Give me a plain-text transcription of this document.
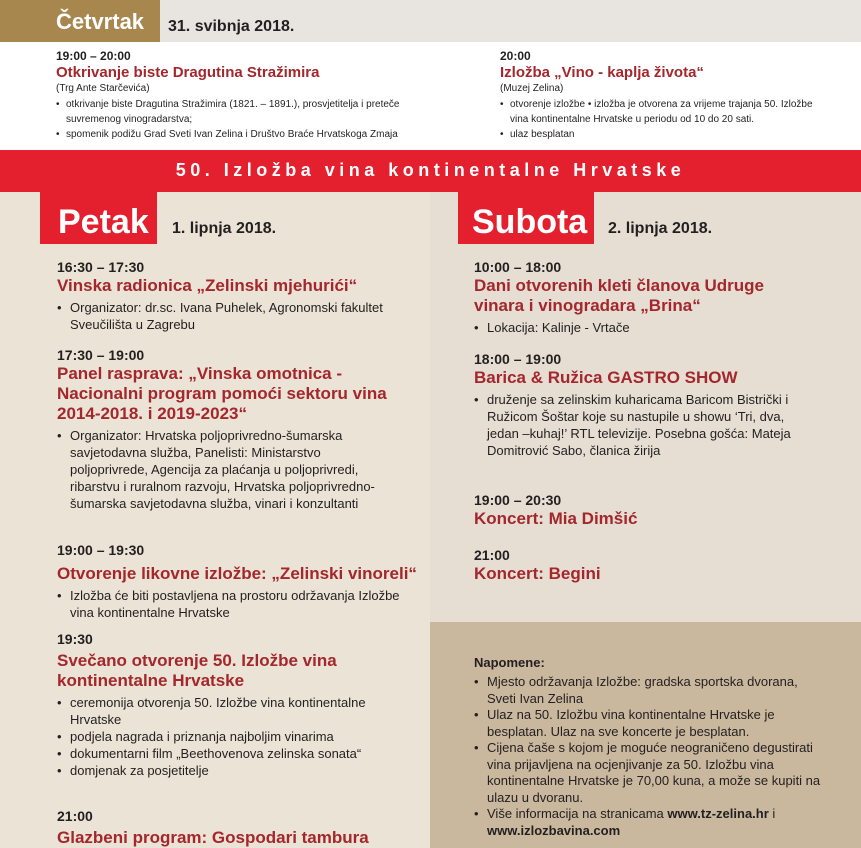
Četvrtak	31. svibnja 2018.
19:00 – 20:00
Otkrivanje biste Dragutina Stražimira
(Trg Ante Starčevića)
• otkrivanje biste Dragutina Stražimira (1821. – 1891.), prosvjetitelja i preteče suvremenog vinogradarstva;
• spomenik podižu Grad Sveti Ivan Zelina i Društvo Braće Hrvatskoga Zmaja
20:00
Izložba „Vino - kaplja života“
(Muzej Zelina)
• otvorenje izložbe • izložba je otvorena za vrijeme trajanja 50. Izložbe vina kontinentalne Hrvatske u periodu od 10 do 20 sati.
• ulaz besplatan
50. Izložba vina kontinentalne Hrvatske
Petak	1. lipnja 2018.
16:30 – 17:30
Vinska radionica „Zelinski mjehurići“
• Organizator: dr.sc. Ivana Puhelek, Agronomski fakultet Sveučilišta u Zagrebu
17:30 – 19:00
Panel rasprava: „Vinska omotnica - Nacionalni program pomoći sektoru vina 2014-2018. i 2019-2023“
• Organizator: Hrvatska poljoprivredno-šumarska savjetodavna služba, Panelisti: Ministarstvo poljoprivrede, Agencija za plaćanja u poljoprivredi, ribarstvu i ruralnom razvoju, Hrvatska poljoprivredno-šumarska savjetodavna služba, vinari i konzultanti
19:00 – 19:30
Otvorenje likovne izložbe: „Zelinski vinoreli“
• Izložba će biti postavljena na prostoru održavanja Izložbe vina kontinentalne Hrvatske
19:30
Svečano otvorenje 50. Izložbe vina kontinentalne Hrvatske
• ceremonija otvorenja 50. Izložbe vina kontinentalne Hrvatske
• podjela nagrada i priznanja najboljim vinarima
• dokumentarni film „Beethovenova zelinska sonata“
• domjenak za posjetitelje
21:00
Glazbeni program: Gospodari tambura
Subota	2. lipnja 2018.
10:00 – 18:00
Dani otvorenih kleti članova Udruge vinara i vinogradara „Brina“
• Lokacija: Kalinje - Vrtače
18:00 – 19:00
Barica & Ružica GASTRO SHOW
• druženje sa zelinskim kuharicama Baricom Bistrički i Ružicom Šoštar koje su nastupile u showu ‘Tri, dva, jedan –kuhaj!’ RTL televizije. Posebna gošća: Mateja Domitrović Sabo, članica žirija
19:00 – 20:30
Koncert: Mia Dimšić
21:00
Koncert: Begini
Napomene:
• Mjesto održavanja Izložbe: gradska sportska dvorana, Sveti Ivan Zelina
• Ulaz na 50. Izložbu vina kontinentalne Hrvatske je besplatan. Ulaz na sve koncerte je besplatan.
• Cijena čaše s kojom je moguće neograničeno degustirati vina prijavljena na ocjenjivanje za 50. Izložbu vina kontinentalne Hrvatske je 70,00 kuna, a može se kupiti na ulazu u dvoranu.
• Više informacija na stranicama www.tz-zelina.hr i www.izlozbavina.com
